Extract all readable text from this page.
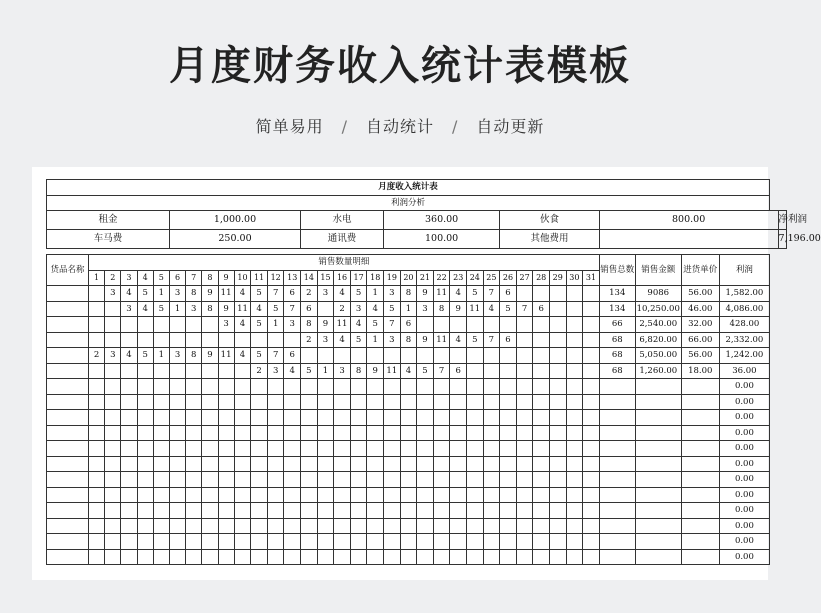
月度财务收入统计表模板
简单易用 / 自动统计 / 自动更新
月度收入统计表																																				
利润分析																																				
租金						1,000.00								水电					360.00							伙食						800.00				净利润
车马费						250.00								通讯费					100.00							其他费用										7,196.00

货品名称	销售数量明细																															销售总数	销售金额	进货单价	利润	
	1	2	3	4	5	6	7	8	9	10	11	12	13	14	15	16	17	18	19	20	21	22	23	24	25	26	27	28	29	30	31					
		3	4	5	1	3	8	9	11	4	5	7	6	2	3	4	5	1	3	8	9	11	4	5	7	6						134	9086	56.00	1,582.00	
			3	4	5	1	3	8	9	11	4	5	7	6		2	3	4	5	1	3	8	9	11	4	5	7	6				134	10,250.00	46.00	4,086.00	
									3	4	5	1	3	8	9	11	4	5	7	6												66	2,540.00	32.00	428.00	
														2	3	4	5	1	3	8	9	11	4	5	7	6						68	6,820.00	66.00	2,332.00	
	2	3	4	5	1	3	8	9	11	4	5	7	6																			68	5,050.00	56.00	1,242.00	
											2	3	4	5	1	3	8	9	11	4	5	7	6									68	1,260.00	18.00	36.00	
																																			0.00	
																																			0.00	
																																			0.00	
																																			0.00	
																																			0.00	
																																			0.00	
																																			0.00	
																																			0.00	
																																			0.00	
																																			0.00	
																																			0.00	
																																			0.00	
